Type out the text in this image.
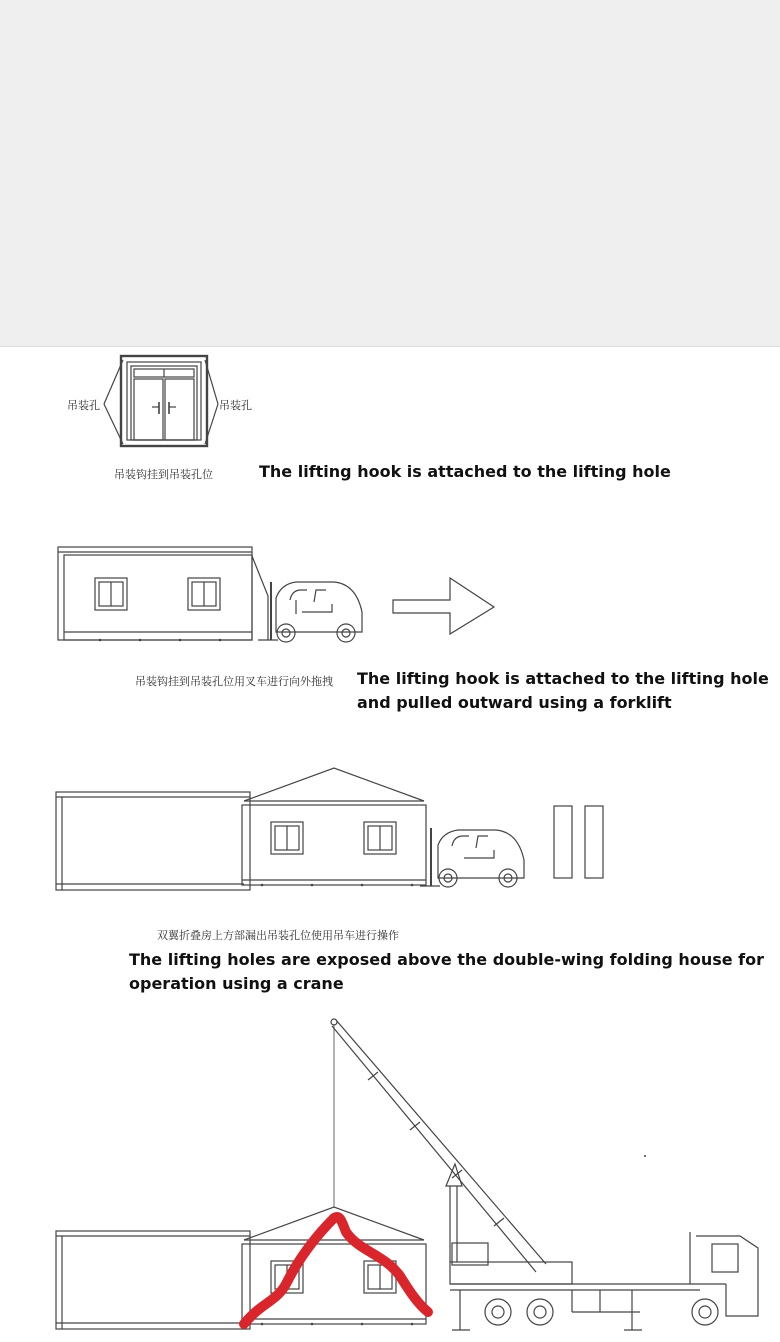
吊装孔	吊装孔
吊装钩挂到吊装孔位	The lifting hook is attached to the lifting hole
吊装钩挂到吊装孔位用叉车进行向外拖拽 The lifting hook is attached to the lifting hole
and pulled outward using a forklift
双翼折叠房上方部漏出吊装孔位使用吊车进行操作
The lifting holes are exposed above the double-wing folding house for
operation using a crane
